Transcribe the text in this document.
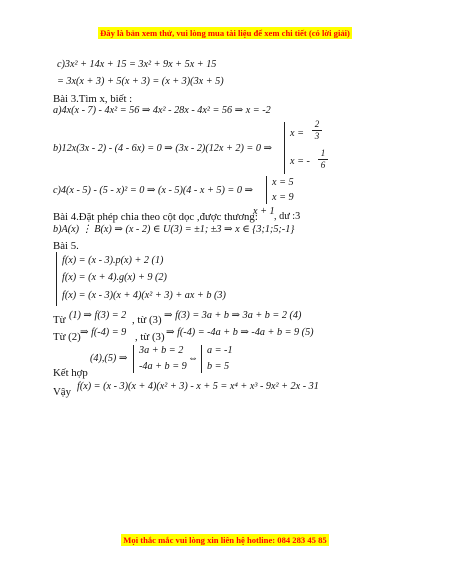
Đây là bản xem thử, vui lòng mua tài liệu để xem chi tiết (có lời giải)
c)3x² + 14x + 15 = 3x² + 9x + 5x + 15
= 3x(x + 3) + 5(x + 3) = (x + 3)(3x + 5)
Bài 3.Tìm x, biết :
a)4x(x - 7) - 4x² = 56 ⇒ 4x² - 28x - 4x² = 56 ⇒ x = -2
b)12x(3x - 2) - (4 - 6x) = 0 ⇒ (3x - 2)(12x + 2) = 0 ⇒
x =
2
3
x = -
1
6
c)4(x - 5) - (5 - x)² = 0 ⇒ (x - 5)(4 - x + 5) = 0 ⇒
x = 5
x = 9
Bài 4.Đặt phép chia theo cột dọc ,được thương:
x + 1 , dư :3
b)A(x) ⋮ B(x) ⇒ (x - 2) ∈ U(3) = ±1; ±3 ⇒ x ∈ {3;1;5;-1}
Bài 5.
f(x) = (x - 3).p(x) + 2 (1)
f(x) = (x + 4).g(x) + 9 (2)
f(x) = (x - 3)(x + 4)(x² + 3) + ax + b (3)
Từ (1) ⇒ f(3) = 2 , từ (3) ⇒ f(3) = 3a + b ⇒ 3a + b = 2 (4)
Từ (2) ⇒ f(-4) = 9 , từ (3) ⇒ f(-4) = -4a + b ⇒ -4a + b = 9 (5)
(4),(5) ⇒
3a + b = 2
-4a + b = 9
⇔
a = -1
b = 5
Kết hợp
Vậy f(x) = (x - 3)(x + 4)(x² + 3) - x + 5 = x⁴ + x³ - 9x² + 2x - 31
Mọi thắc mắc vui lòng xin liên hệ hotline: 084 283 45 85
